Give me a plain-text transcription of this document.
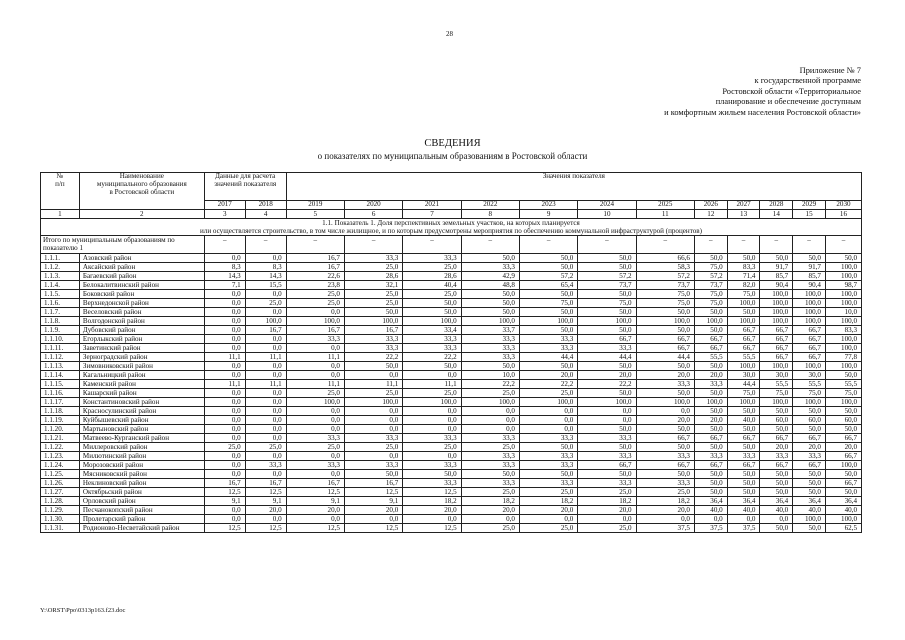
28
Приложение № 7
к государственной программе
Ростовской области «Территориальное
планирование и обеспечение доступным
и комфортным жильем населения Ростовской области»
СВЕДЕНИЯ
о показателях по муниципальным образованиям в Ростовской области
№
п/п	Наименование
муниципального образования
в Ростовской области	Данные для расчета
значений показателя		Значения показателя											
		2017	2018	2019	2020	2021	2022	2023	2024	2025	2026	2027	2028	2029	2030
1	2	3	4	5	6	7	8	9	10	11	12	13	14	15	16
1.1. Показатель 1. Доля перспективных земельных участков, на которых планируется
или осуществляется строительство, в том числе жилищное, и по которым предусмотрены мероприятия по обеспечению коммунальной инфраструктурой (процентов)															
Итого по муниципальным образованиям по показателю 1		–	–	–	–	–	–	–	–	–	–	–	–	–	–
1.1.1.	Азовский район	0,0	0,0	16,7	33,3	33,3	50,0	50,0	50,0	66,6	50,0	50,0	50,0	50,0	50,0
1.1.2.	Аксайский район	8,3	8,3	16,7	25,0	25,0	33,3	50,0	50,0	58,3	75,0	83,3	91,7	91,7	100,0
1.1.3.	Багаевский район	14,3	14,3	22,6	28,6	28,6	42,9	57,2	57,2	57,2	57,2	71,4	85,7	85,7	100,0
1.1.4.	Белокалитвинский район	7,1	15,5	23,8	32,1	40,4	48,8	65,4	73,7	73,7	73,7	82,0	90,4	90,4	98,7
1.1.5.	Боковский район	0,0	0,0	25,0	25,0	25,0	50,0	50,0	50,0	75,0	75,0	75,0	100,0	100,0	100,0
1.1.6.	Верхнедонской район	0,0	25,0	25,0	25,0	50,0	50,0	75,0	75,0	75,0	75,0	100,0	100,0	100,0	100,0
1.1.7.	Веселовский район	0,0	0,0	0,0	50,0	50,0	50,0	50,0	50,0	50,0	50,0	50,0	100,0	100,0	10,0
1.1.8.	Волгодонской район	0,0	100,0	100,0	100,0	100,0	100,0	100,0	100,0	100,0	100,0	100,0	100,0	100,0	100,0
1.1.9.	Дубовский район	0,0	16,7	16,7	16,7	33,4	33,7	50,0	50,0	50,0	50,0	66,7	66,7	66,7	83,3
1.1.10.	Егорлыкский район	0,0	0,0	33,3	33,3	33,3	33,3	33,3	66,7	66,7	66,7	66,7	66,7	66,7	100,0
1.1.11.	Заветинский район	0,0	0,0	0,0	33,3	33,3	33,3	33,3	33,3	66,7	66,7	66,7	66,7	66,7	100,0
1.1.12.	Зерноградский район	11,1	11,1	11,1	22,2	22,2	33,3	44,4	44,4	44,4	55,5	55,5	66,7	66,7	77,8
1.1.13.	Зимовниковский район	0,0	0,0	0,0	50,0	50,0	50,0	50,0	50,0	50,0	50,0	100,0	100,0	100,0	100,0
1.1.14.	Кагальницкий район	0,0	0,0	0,0	0,0	0,0	10,0	20,0	20,0	20,0	20,0	30,0	30,0	30,0	50,0
1.1.15.	Каменский район	11,1	11,1	11,1	11,1	11,1	22,2	22,2	22,2	33,3	33,3	44,4	55,5	55,5	55,5
1.1.16.	Кашарский район	0,0	0,0	25,0	25,0	25,0	25,0	25,0	50,0	50,0	50,0	75,0	75,0	75,0	75,0
1.1.17.	Константиновский район	0,0	0,0	100,0	100,0	100,0	100,0	100,0	100,0	100,0	100,0	100,0	100,0	100,0	100,0
1.1.18.	Красносулинский район	0,0	0,0	0,0	0,0	0,0	0,0	0,0	0,0	0,0	50,0	50,0	50,0	50,0	50,0
1.1.19.	Куйбышевский район	0,0	0,0	0,0	0,0	0,0	0,0	0,0	0,0	20,0	20,0	40,0	60,0	60,0	60,0
1.1.20.	Мартыновский район	0,0	0,0	0,0	0,0	0,0	0,0	0,0	50,0	50,0	50,0	50,0	50,0	50,0	50,0
1.1.21.	Матвеево-Курганский район	0,0	0,0	33,3	33,3	33,3	33,3	33,3	33,3	66,7	66,7	66,7	66,7	66,7	66,7
1.1.22.	Миллеровский район	25,0	25,0	25,0	25,0	25,0	25,0	50,0	50,0	50,0	50,0	50,0	20,0	20,0	20,0
1.1.23.	Милютинский район	0,0	0,0	0,0	0,0	0,0	33,3	33,3	33,3	33,3	33,3	33,3	33,3	33,3	66,7
1.1.24.	Морозовский район	0,0	33,3	33,3	33,3	33,3	33,3	33,3	66,7	66,7	66,7	66,7	66,7	66,7	100,0
1.1.25.	Мясниковский район	0,0	0,0	0,0	50,0	50,0	50,0	50,0	50,0	50,0	50,0	50,0	50,0	50,0	50,0
1.1.26.	Неклиновский район	16,7	16,7	16,7	16,7	33,3	33,3	33,3	33,3	33,3	50,0	50,0	50,0	50,0	66,7
1.1.27.	Октябрьский район	12,5	12,5	12,5	12,5	12,5	25,0	25,0	25,0	25,0	50,0	50,0	50,0	50,0	50,0
1.1.28.	Орловский район	9,1	9,1	9,1	9,1	18,2	18,2	18,2	18,2	18,2	36,4	36,4	36,4	36,4	36,4
1.1.29.	Песчанокопский район	0,0	20,0	20,0	20,0	20,0	20,0	20,0	20,0	20,0	40,0	40,0	40,0	40,0	40,0
1.1.30.	Пролетарский район	0,0	0,0	0,0	0,0	0,0	0,0	0,0	0,0	0,0	0,0	0,0	0,0	100,0	100,0
1.1.31.	Родионово-Несветайский район	12,5	12,5	12,5	12,5	12,5	25,0	25,0	25,0	37,5	37,5	37,5	50,0	50,0	62,5
Y:\ORST\Ppo\0313p163.f23.doc
